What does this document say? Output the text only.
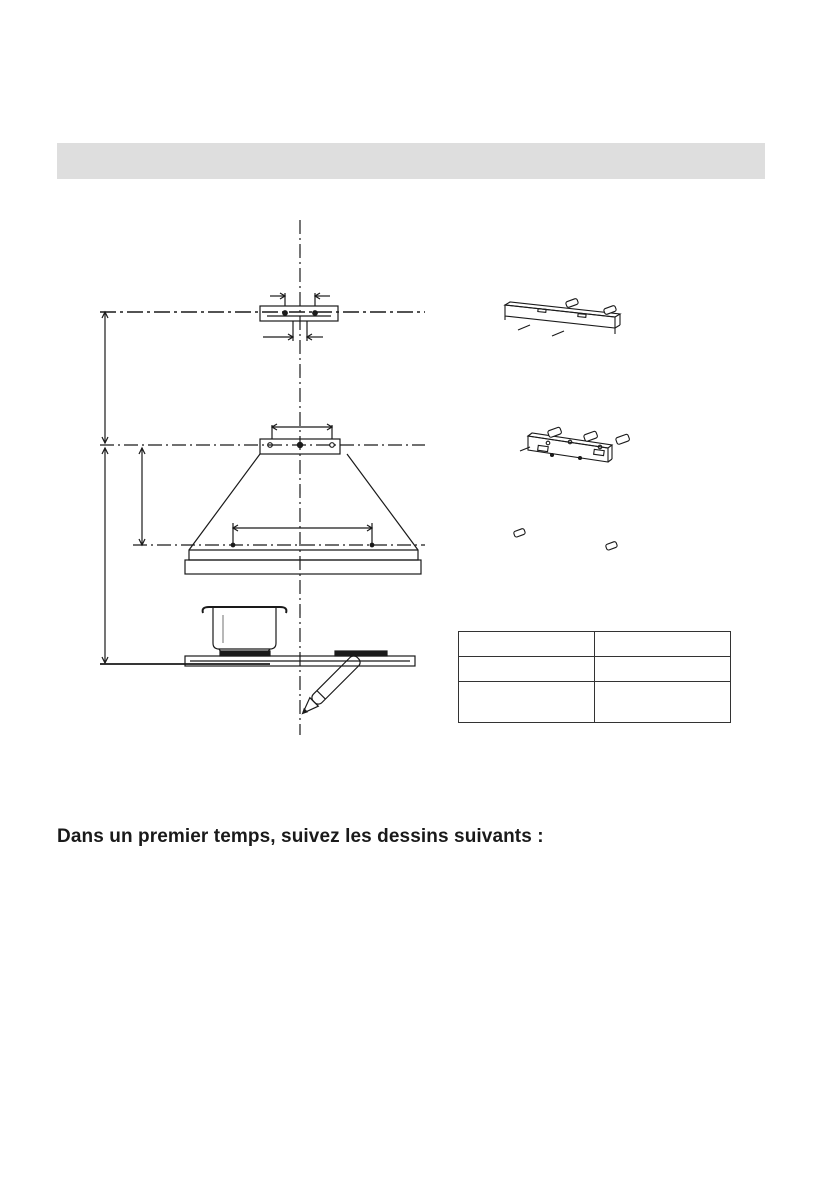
Dans un premier temps, suivez les dessins suivants :
